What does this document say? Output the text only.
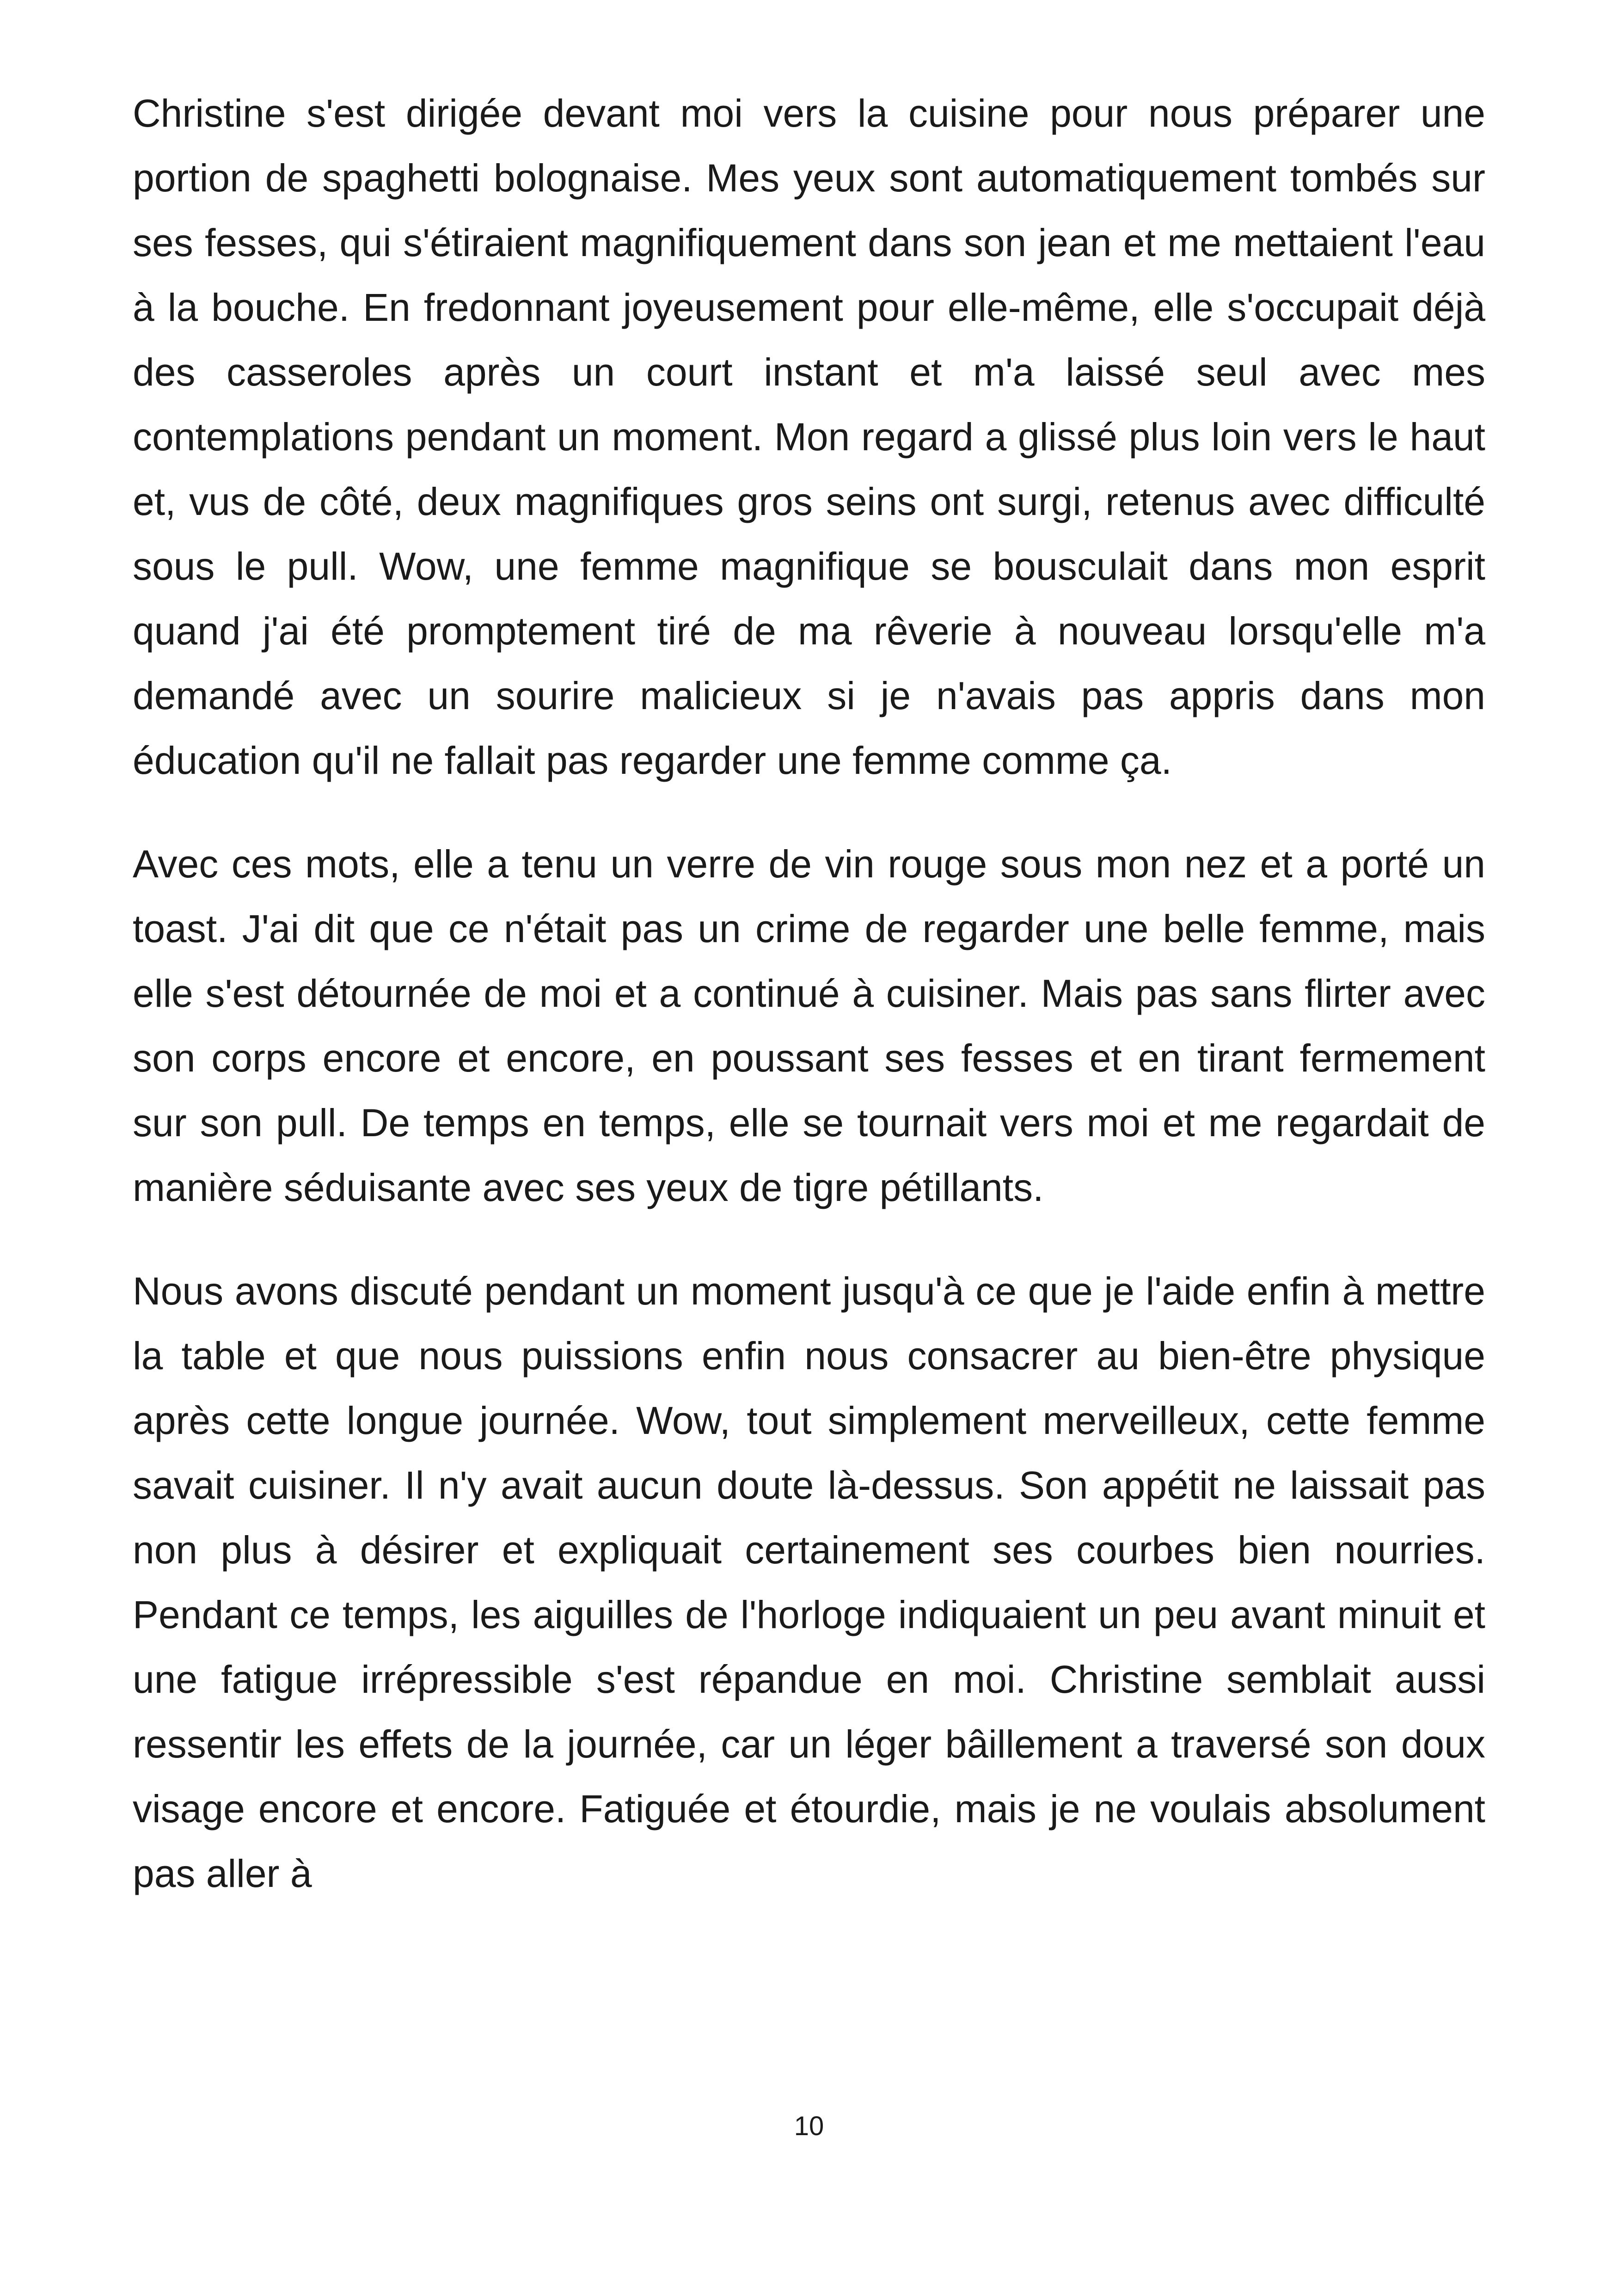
Christine s'est dirigée devant moi vers la cuisine pour nous préparer une portion de spaghetti bolognaise. Mes yeux sont automatiquement tombés sur ses fesses, qui s'étiraient magnifiquement dans son jean et me mettaient l'eau à la bouche. En fredonnant joyeusement pour elle-même, elle s'occupait déjà des casseroles après un court instant et m'a laissé seul avec mes contemplations pendant un moment. Mon regard a glissé plus loin vers le haut et, vus de côté, deux magnifiques gros seins ont surgi, retenus avec difficulté sous le pull. Wow, une femme magnifique se bousculait dans mon esprit quand j'ai été promptement tiré de ma rêverie à nouveau lorsqu'elle m'a demandé avec un sourire malicieux si je n'avais pas appris dans mon éducation qu'il ne fallait pas regarder une femme comme ça.

Avec ces mots, elle a tenu un verre de vin rouge sous mon nez et a porté un toast. J'ai dit que ce n'était pas un crime de regarder une belle femme, mais elle s'est détournée de moi et a continué à cuisiner. Mais pas sans flirter avec son corps encore et encore, en poussant ses fesses et en tirant fermement sur son pull. De temps en temps, elle se tournait vers moi et me regardait de manière séduisante avec ses yeux de tigre pétillants.

Nous avons discuté pendant un moment jusqu'à ce que je l'aide enfin à mettre la table et que nous puissions enfin nous consacrer au bien-être physique après cette longue journée. Wow, tout simplement merveilleux, cette femme savait cuisiner. Il n'y avait aucun doute là-dessus. Son appétit ne laissait pas non plus à désirer et expliquait certainement ses courbes bien nourries. Pendant ce temps, les aiguilles de l'horloge indiquaient un peu avant minuit et une fatigue irrépressible s'est répandue en moi. Christine semblait aussi ressentir les effets de la journée, car un léger bâillement a traversé son doux visage encore et encore. Fatiguée et étourdie, mais je ne voulais absolument pas aller à

10
